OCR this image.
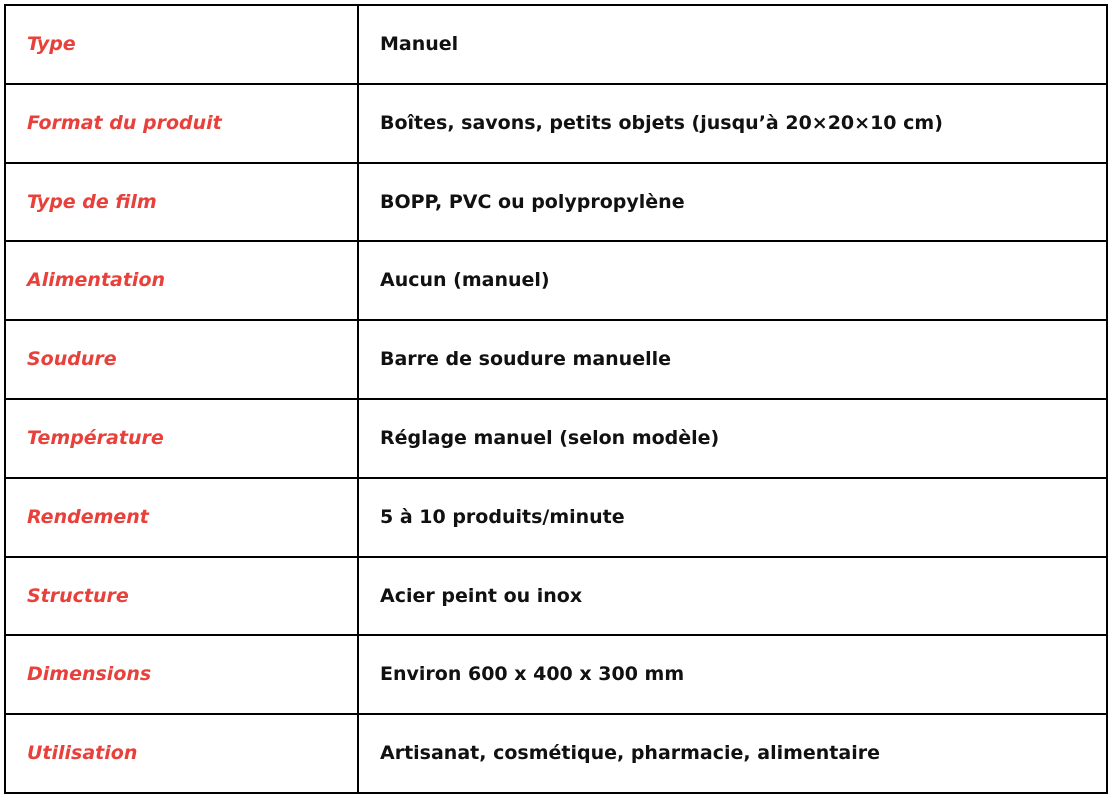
Type	Manuel
Format du produit	Boîtes, savons, petits objets (jusqu’à 20×20×10 cm)
Type de film	BOPP, PVC ou polypropylène
Alimentation	Aucun (manuel)
Soudure	Barre de soudure manuelle
Température	Réglage manuel (selon modèle)
Rendement	5 à 10 produits/minute
Structure	Acier peint ou inox
Dimensions	Environ 600 x 400 x 300 mm
Utilisation	Artisanat, cosmétique, pharmacie, alimentaire
